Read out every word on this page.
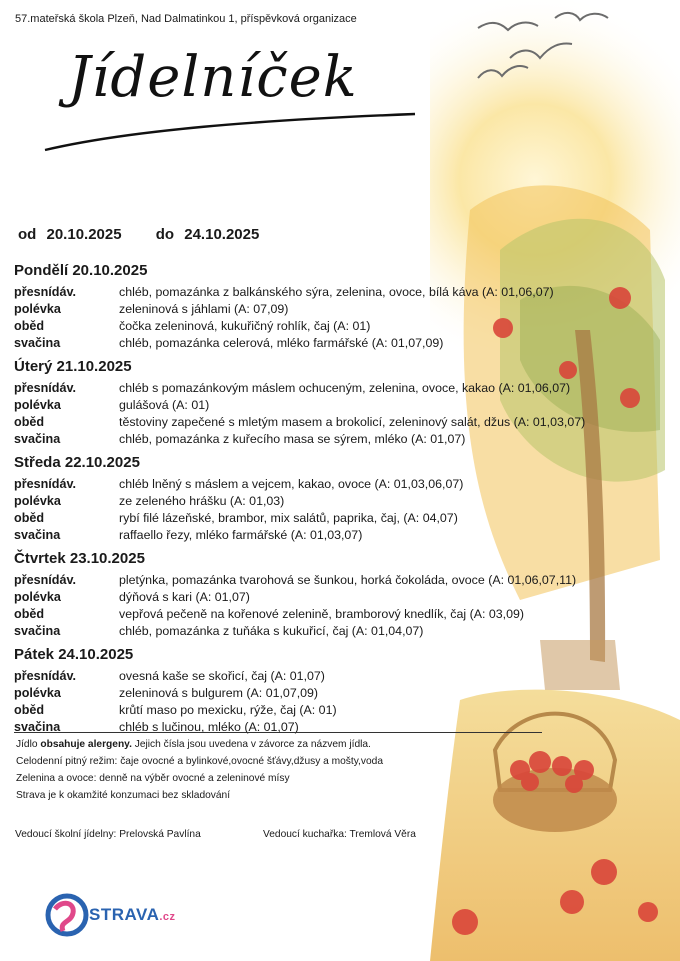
57.mateřská škola Plzeň, Nad Dalmatinkou 1, příspěvková organizace
Jídelníček
od 20.10.2025 do 24.10.2025
Pondělí 20.10.2025
přesnídáv.	chléb, pomazánka z balkánského sýra, zelenina, ovoce, bílá káva (A: 01,06,07)
polévka	zeleninová s jáhlami (A: 07,09)
oběd	čočka zeleninová, kukuřičný rohlík, čaj (A: 01)
svačina	chléb, pomazánka celerová, mléko farmářské (A: 01,07,09)
Úterý 21.10.2025
přesnídáv.	chléb s pomazánkovým máslem ochuceným, zelenina, ovoce, kakao (A: 01,06,07)
polévka	gulášová (A: 01)
oběd	těstoviny zapečené s mletým masem a brokolicí, zeleninový salát, džus (A: 01,03,07)
svačina	chléb, pomazánka z kuřecího masa se sýrem, mléko (A: 01,07)
Středa 22.10.2025
přesnídáv.	chléb lněný s máslem a vejcem, kakao, ovoce (A: 01,03,06,07)
polévka	ze zeleného hrášku (A: 01,03)
oběd	rybí filé lázeňské, brambor, mix salátů, paprika, čaj, (A: 04,07)
svačina	raffaello řezy, mléko farmářské (A: 01,03,07)
Čtvrtek 23.10.2025
přesnídáv.	pletýnka, pomazánka tvarohová se šunkou, horká čokoláda, ovoce (A: 01,06,07,11)
polévka	dýňová s kari (A: 01,07)
oběd	vepřová pečeně na kořenové zelenině, bramborový knedlík, čaj (A: 03,09)
svačina	chléb, pomazánka z tuňáka s kukuřicí, čaj (A: 01,04,07)
Pátek 24.10.2025
přesnídáv.	ovesná kaše se skořicí, čaj (A: 01,07)
polévka	zeleninová s bulgurem (A: 01,07,09)
oběd	krůtí maso po mexicku, rýže, čaj (A: 01)
svačina	chléb s lučinou, mléko (A: 01,07)
Jídlo obsahuje alergeny. Jejich čísla jsou uvedena v závorce za názvem jídla.
Celodenní pitný režim: čaje ovocné a bylinkové,ovocné šťávy,džusy a mošty,voda
Zelenina a ovoce: denně na výběr ovocné a zeleninové mísy
Strava je k okamžité konzumaci bez skladování
Vedoucí školní jídelny: Prelovská Pavlína	Vedoucí kuchařka: Tremlová Věra
STRAVA.cz
